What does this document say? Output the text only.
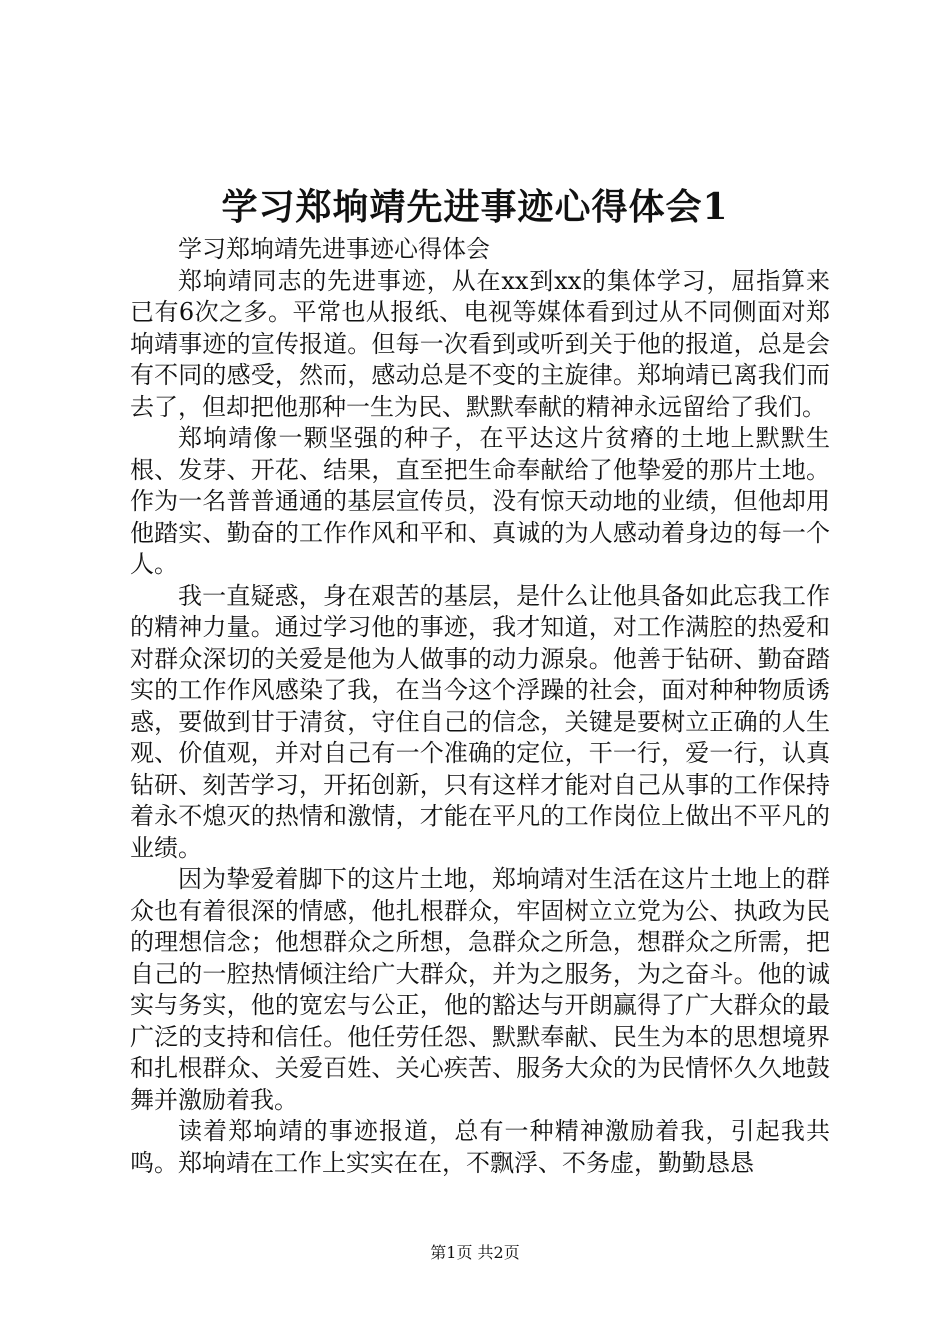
学习郑垧靖先进事迹心得体会1

学习郑垧靖先进事迹心得体会

郑垧靖同志的先进事迹，从在xx到xx的集体学习，屈指算来已有6次之多。平常也从报纸、电视等媒体看到过从不同侧面对郑垧靖事迹的宣传报道。但每一次看到或听到关于他的报道，总是会有不同的感受，然而，感动总是不变的主旋律。郑垧靖已离我们而去了，但却把他那种一生为民、默默奉献的精神永远留给了我们。

郑垧靖像一颗坚强的种子，在平达这片贫瘠的土地上默默生根、发芽、开花、结果，直至把生命奉献给了他挚爱的那片土地。作为一名普普通通的基层宣传员，没有惊天动地的业绩，但他却用他踏实、勤奋的工作作风和平和、真诚的为人感动着身边的每一个人。

我一直疑惑，身在艰苦的基层，是什么让他具备如此忘我工作的精神力量。通过学习他的事迹，我才知道，对工作满腔的热爱和对群众深切的关爱是他为人做事的动力源泉。他善于钻研、勤奋踏实的工作作风感染了我，在当今这个浮躁的社会，面对种种物质诱惑，要做到甘于清贫，守住自己的信念，关键是要树立正确的人生观、价值观，并对自己有一个准确的定位，干一行，爱一行，认真钻研、刻苦学习，开拓创新，只有这样才能对自己从事的工作保持着永不熄灭的热情和激情，才能在平凡的工作岗位上做出不平凡的业绩。

因为挚爱着脚下的这片土地，郑垧靖对生活在这片土地上的群众也有着很深的情感，他扎根群众，牢固树立立党为公、执政为民的理想信念；他想群众之所想，急群众之所急，想群众之所需，把自己的一腔热情倾注给广大群众，并为之服务，为之奋斗。他的诚实与务实，他的宽宏与公正，他的豁达与开朗赢得了广大群众的最广泛的支持和信任。他任劳任怨、默默奉献、民生为本的思想境界和扎根群众、关爱百姓、关心疾苦、服务大众的为民情怀久久地鼓舞并激励着我。

读着郑垧靖的事迹报道，总有一种精神激励着我，引起我共鸣。郑垧靖在工作上实实在在，不飘浮、不务虚，勤勤恳恳

第1页 共2页
